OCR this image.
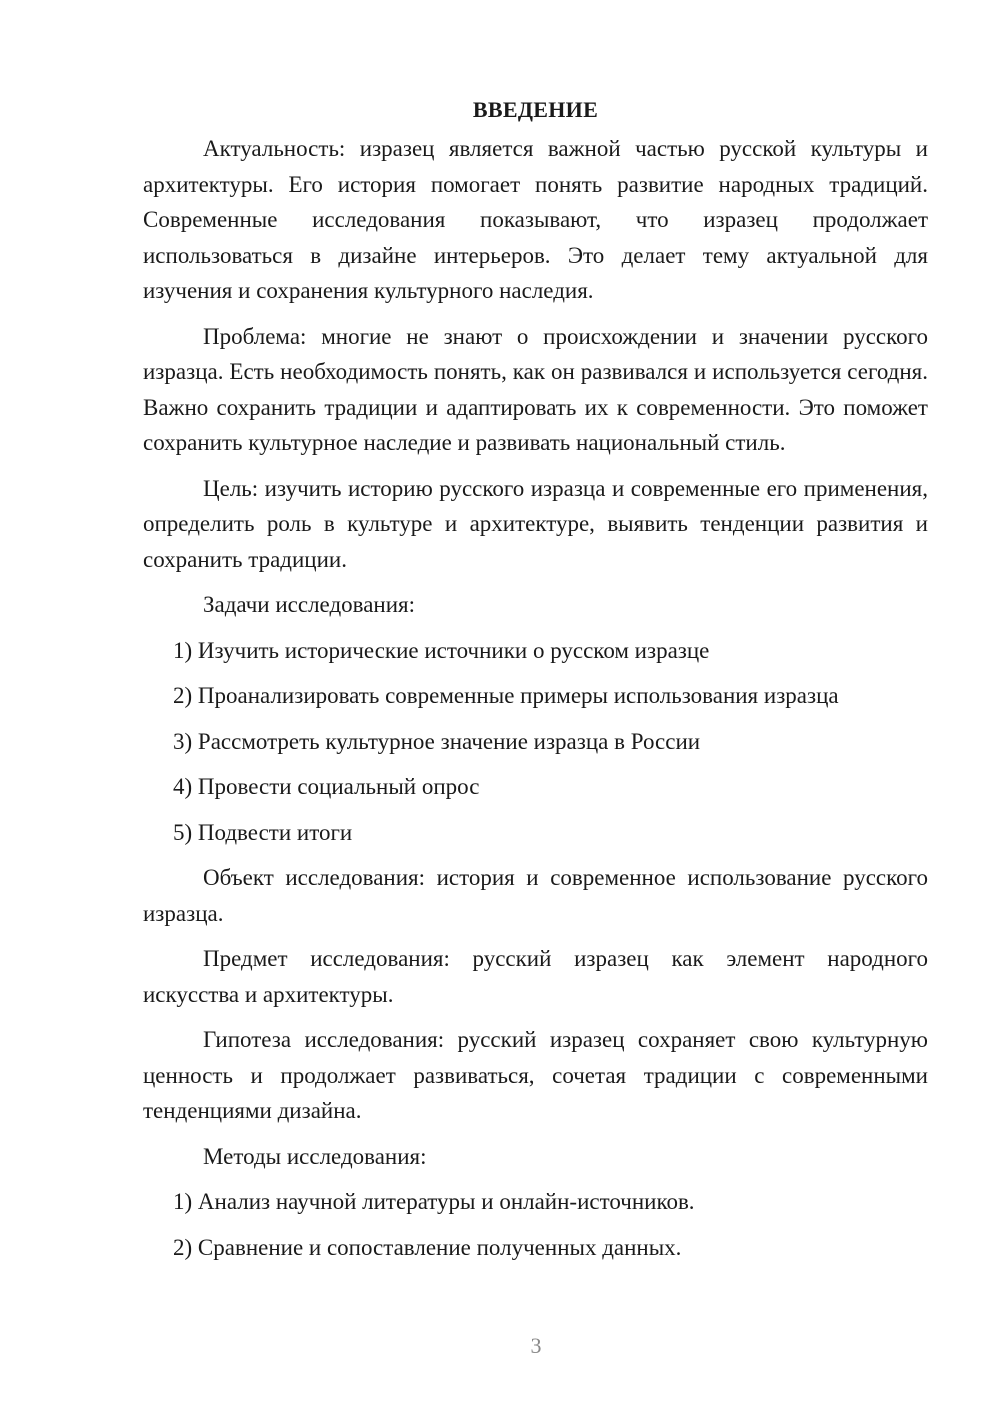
ВВЕДЕНИЕ

Актуальность: изразец является важной частью русской культуры и архитектуры. Его история помогает понять развитие народных традиций. Современные исследования показывают, что изразец продолжает использоваться в дизайне интерьеров. Это делает тему актуальной для изучения и сохранения культурного наследия.

Проблема: многие не знают о происхождении и значении русского изразца. Есть необходимость понять, как он развивался и используется сегодня. Важно сохранить традиции и адаптировать их к современности. Это поможет сохранить культурное наследие и развивать национальный стиль.

Цель: изучить историю русского изразца и современные его применения, определить роль в культуре и архитектуре, выявить тенденции развития и сохранить традиции.

Задачи исследования:

1) Изучить исторические источники о русском изразце
2) Проанализировать современные примеры использования изразца
3) Рассмотреть культурное значение изразца в России
4) Провести социальный опрос
5) Подвести итоги

Объект исследования: история и современное использование русского изразца.

Предмет исследования: русский изразец как элемент народного искусства и архитектуры.

Гипотеза исследования: русский изразец сохраняет свою культурную ценность и продолжает развиваться, сочетая традиции с современными тенденциями дизайна.

Методы исследования:

1) Анализ научной литературы и онлайн-источников.
2) Сравнение и сопоставление полученных данных.
3
